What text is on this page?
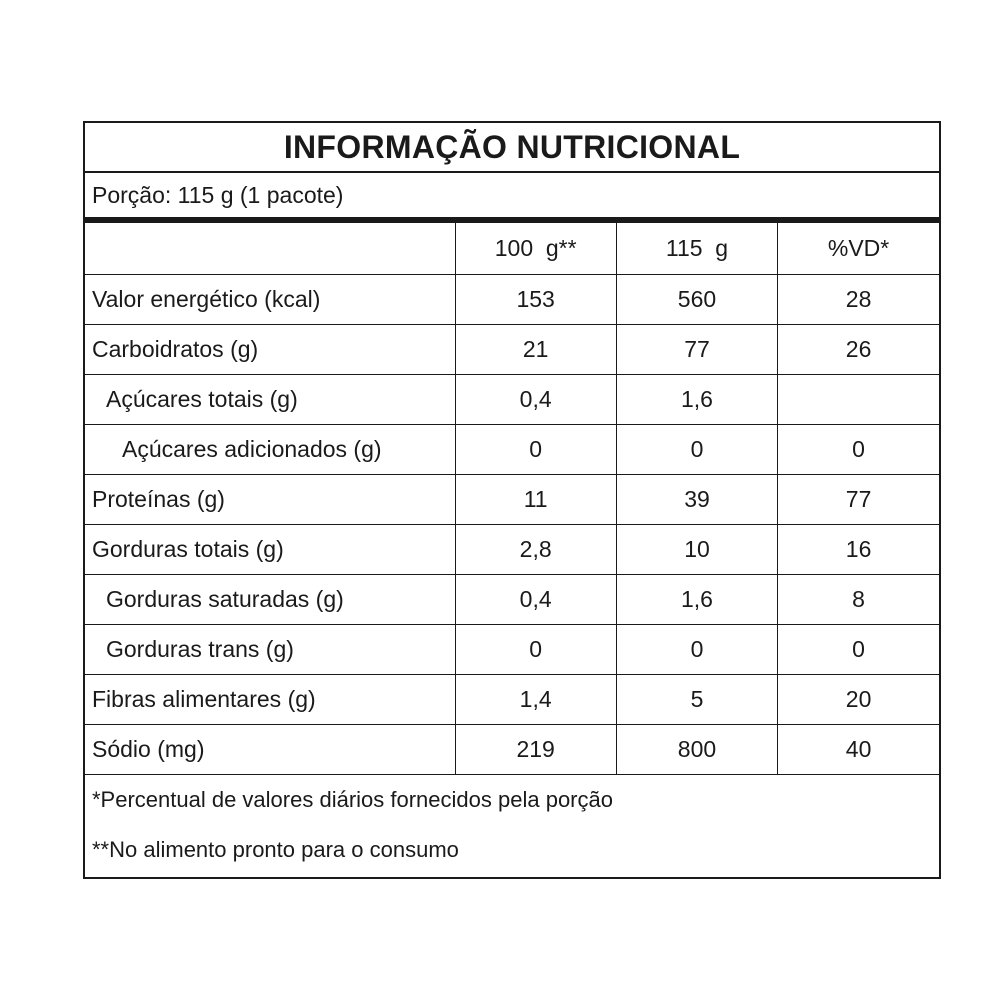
INFORMAÇÃO NUTRICIONAL
Porção: 115 g (1 pacote)
	100  g**	115  g	%VD*
Valor energético (kcal)	153	560	28
Carboidratos (g)	21	77	26
Açúcares totais (g)	0,4	1,6	
Açúcares adicionados (g)	0	0	0
Proteínas (g)	11	39	77
Gorduras totais (g)	2,8	10	16
Gorduras saturadas (g)	0,4	1,6	8
Gorduras trans (g)	0	0	0
Fibras alimentares (g)	1,4	5	20
Sódio (mg)	219	800	40
*Percentual de valores diários fornecidos pela porção
**No alimento pronto para o consumo
